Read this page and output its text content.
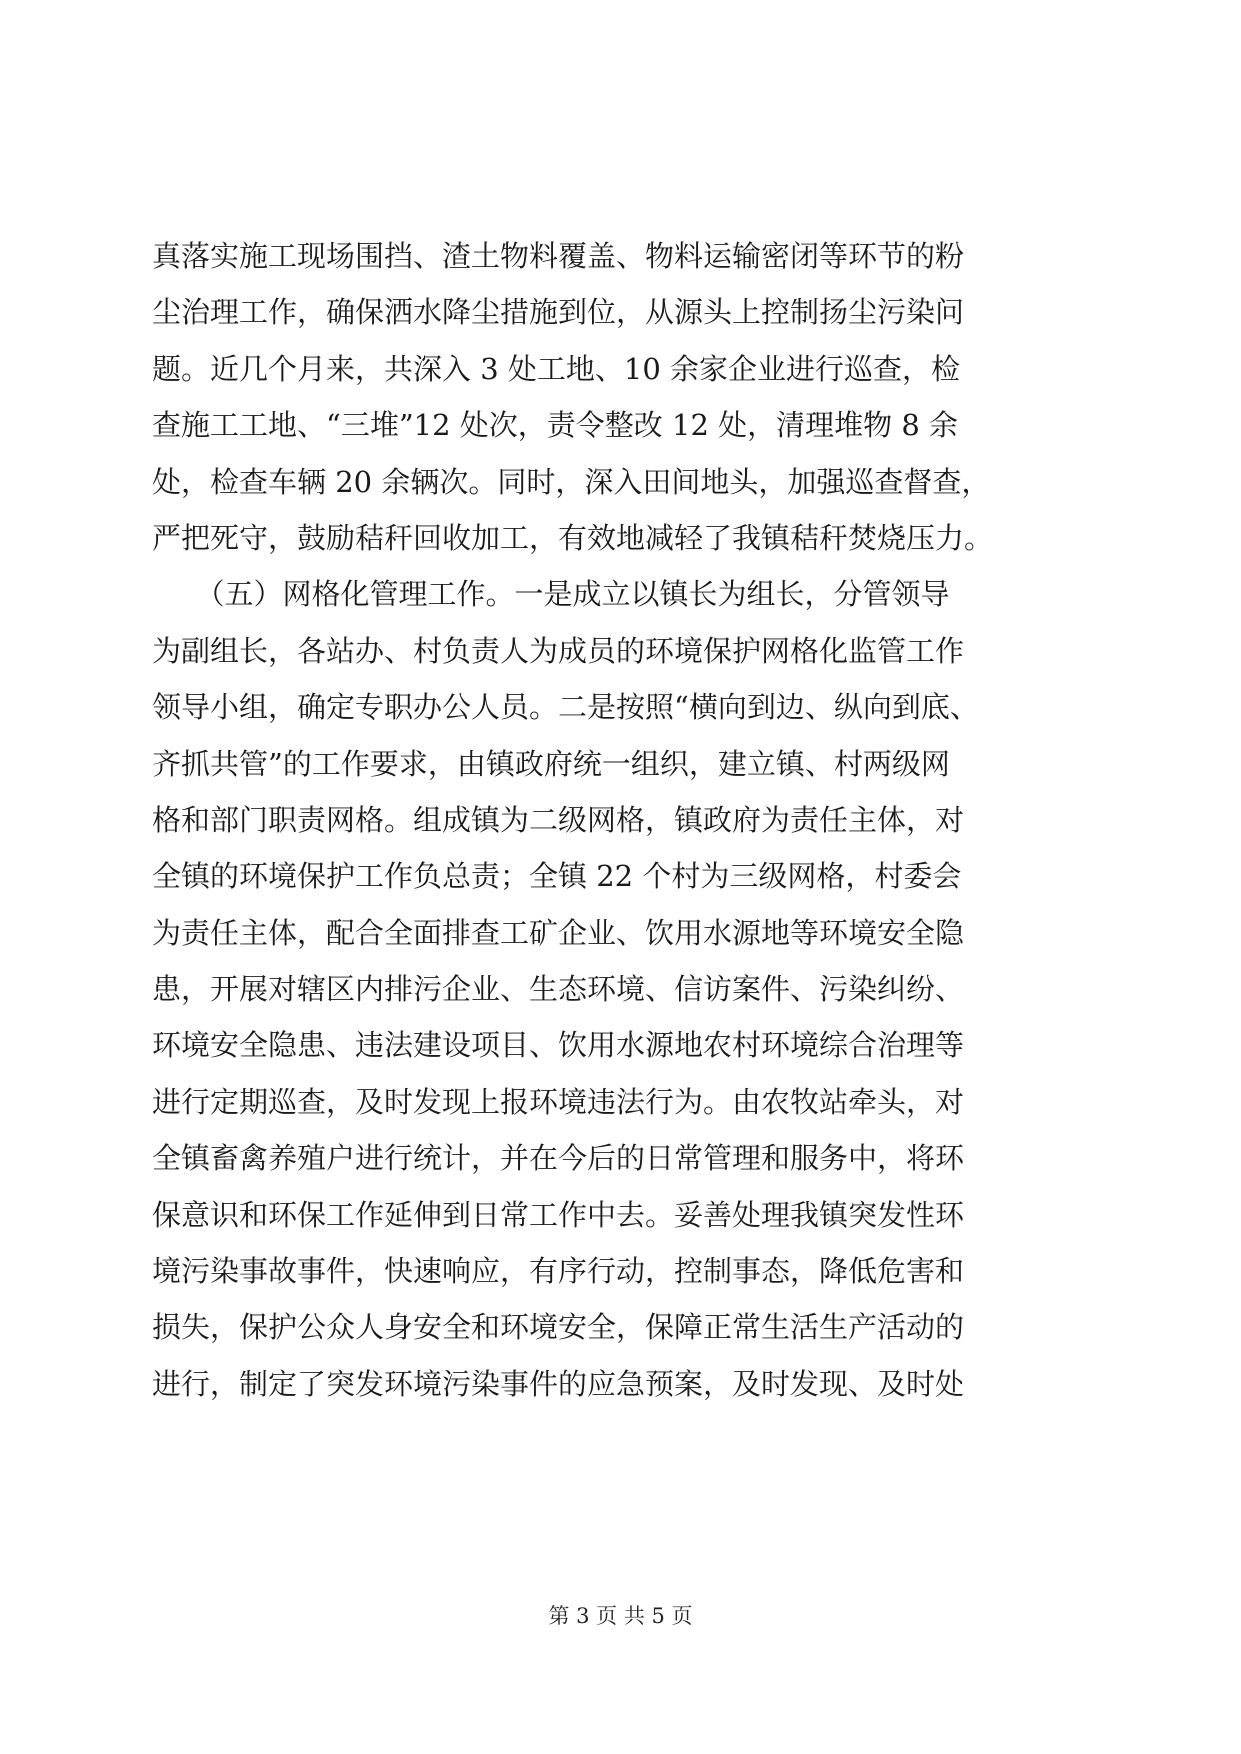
真落实施工现场围挡、渣土物料覆盖、物料运输密闭等环节的粉
尘治理工作，确保洒水降尘措施到位，从源头上控制扬尘污染问
题。近几个月来，共深入 3 处工地、10 余家企业进行巡查，检
查施工工地、“三堆”12 处次，责令整改 12 处，清理堆物 8 余
处，检查车辆 20 余辆次。同时，深入田间地头，加强巡查督查，
严把死守，鼓励秸秆回收加工，有效地减轻了我镇秸秆焚烧压力。
　　（五）网格化管理工作。一是成立以镇长为组长，分管领导
为副组长，各站办、村负责人为成员的环境保护网格化监管工作
领导小组，确定专职办公人员。二是按照“横向到边、纵向到底、
齐抓共管”的工作要求，由镇政府统一组织，建立镇、村两级网
格和部门职责网格。组成镇为二级网格，镇政府为责任主体，对
全镇的环境保护工作负总责；全镇 22 个村为三级网格，村委会
为责任主体，配合全面排查工矿企业、饮用水源地等环境安全隐
患，开展对辖区内排污企业、生态环境、信访案件、污染纠纷、
环境安全隐患、违法建设项目、饮用水源地农村环境综合治理等
进行定期巡查，及时发现上报环境违法行为。由农牧站牵头，对
全镇畜禽养殖户进行统计，并在今后的日常管理和服务中，将环
保意识和环保工作延伸到日常工作中去。妥善处理我镇突发性环
境污染事故事件，快速响应，有序行动，控制事态，降低危害和
损失，保护公众人身安全和环境安全，保障正常生活生产活动的
进行，制定了突发环境污染事件的应急预案，及时发现、及时处
第 3 页 共 5 页
